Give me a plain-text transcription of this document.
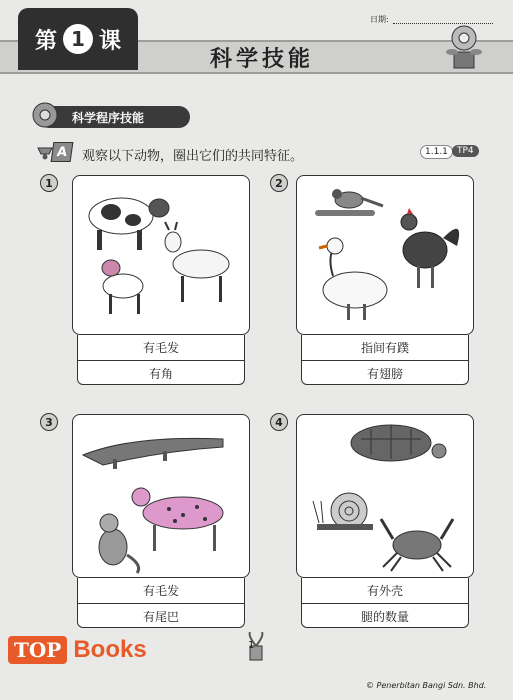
第 1 课
科学技能
日期:
科学程序技能
A	观察以下动物，圈出它们的共同特征。	1.1.1	TP4
1
有毛发
有角
2
指间有蹼
有翅膀
3
有毛发
有尾巴
4
有外壳
腿的数量
TOP Books	1
© Penerbitan Bangi Sdn. Bhd.
